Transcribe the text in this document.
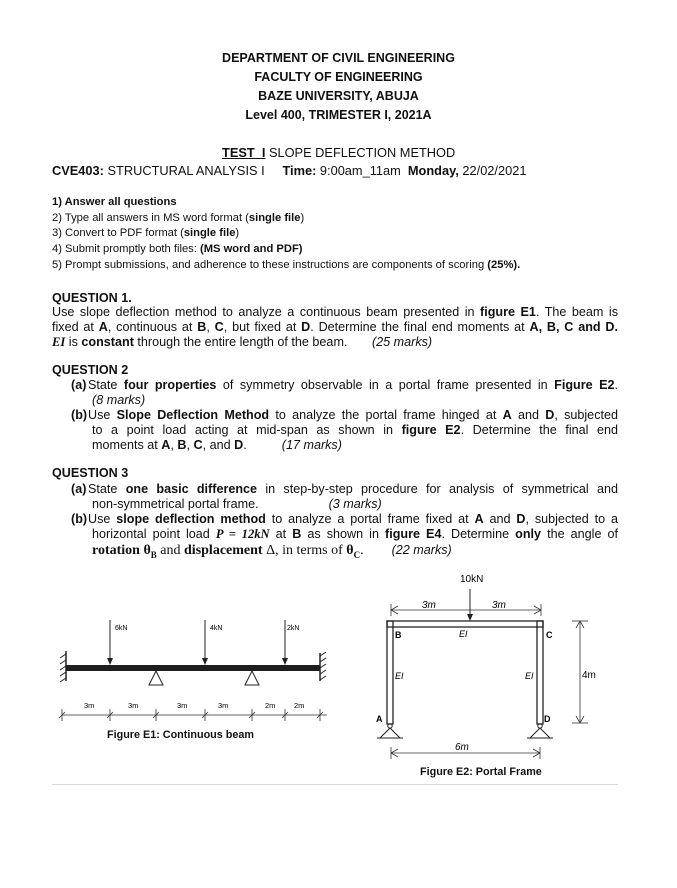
DEPARTMENT OF CIVIL ENGINEERING
FACULTY OF ENGINEERING
BAZE UNIVERSITY, ABUJA
Level 400, TRIMESTER I, 2021A
TEST_I SLOPE DEFLECTION METHOD
CVE403: STRUCTURAL ANALYSIS I Time: 9:00am_11am Monday, 22/02/2021
1) Answer all questions
2) Type all answers in MS word format (single file)
3) Convert to PDF format (single file)
4) Submit promptly both files: (MS word and PDF)
5) Prompt submissions, and adherence to these instructions are components of scoring (25%).
QUESTION 1.
Use slope deflection method to analyze a continuous beam presented in figure E1. The beam is
fixed at A, continuous at B, C, but fixed at D. Determine the final end moments at A, B, C and D.
EI is constant through the entire length of the beam. (25 marks)
QUESTION 2
(a) State four properties of symmetry observable in a portal frame presented in Figure E2.
(8 marks)
(b) Use Slope Deflection Method to analyze the portal frame hinged at A and D, subjected
to a point load acting at mid-span as shown in figure E2. Determine the final end
moments at A, B, C, and D.	(17 marks)
QUESTION 3
(a) State one basic difference in step-by-step procedure for analysis of symmetrical and
non-symmetrical portal frame.	(3 marks)
(b) Use slope deflection method to analyze a portal frame fixed at A and D, subjected to a
horizontal point load P = 12kN at B as shown in figure E4. Determine only the angle of
rotation $\theta_B$ and displacement Δ, in terms of $\theta_C$. (22 marks)
6kN	4kN	2kN
3m	3m	3m	3m	2m 2m
Figure E1: Continuous beam
10kN
3m	3m
B	C
A	D
EI
EI	EI	4m
6m
Figure E2: Portal Frame
